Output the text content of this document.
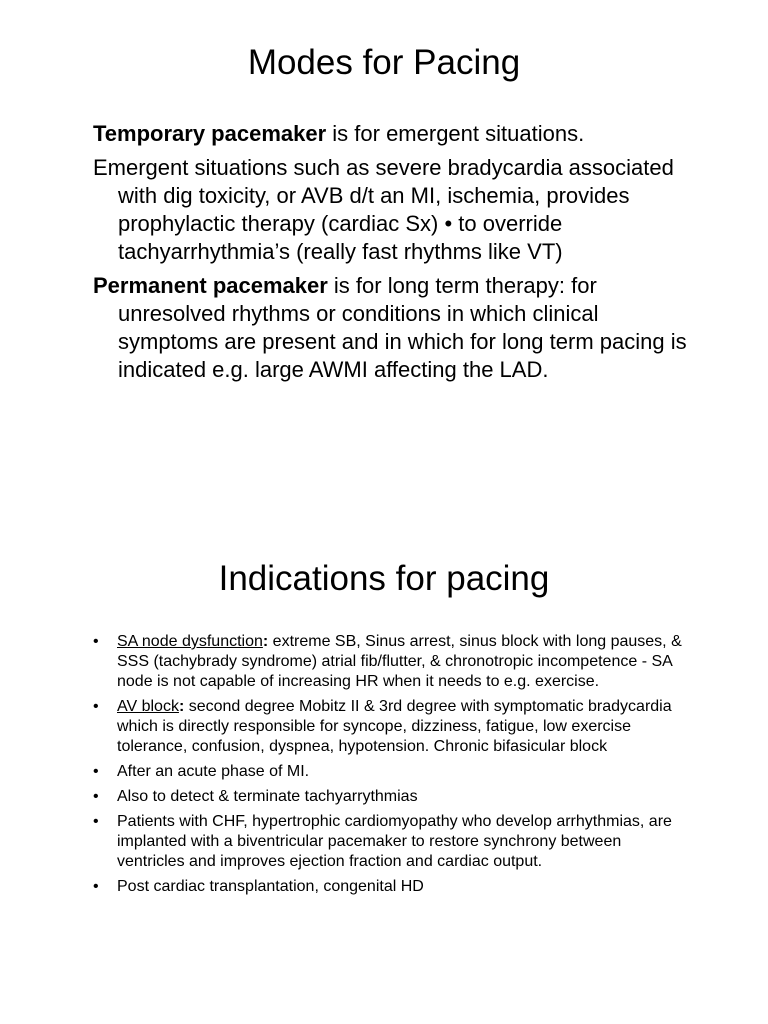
Modes for Pacing

Temporary pacemaker is for emergent situations.

Emergent situations such as severe bradycardia associated with dig toxicity, or AVB d/t an MI, ischemia, provides prophylactic therapy (cardiac Sx) • to override tachyarrhythmia’s (really fast rhythms like VT)

Permanent pacemaker is for long term therapy: for unresolved rhythms or conditions in which clinical symptoms are present and in which for long term pacing is indicated e.g. large AWMI affecting the LAD.

Indications for pacing
• SA node dysfunction: extreme SB, Sinus arrest, sinus block with long pauses, & SSS (tachybrady syndrome) atrial fib/flutter, & chronotropic incompetence - SA node is not capable of increasing HR when it needs to e.g. exercise.
• AV block: second degree Mobitz II & 3rd degree with symptomatic bradycardia which is directly responsible for syncope, dizziness, fatigue, low exercise tolerance, confusion, dyspnea, hypotension. Chronic bifasicular block
• After an acute phase of MI.
• Also to detect & terminate tachyarrythmias
• Patients with CHF, hypertrophic cardiomyopathy who develop arrhythmias, are implanted with a biventricular pacemaker to restore synchrony between ventricles and improves ejection fraction and cardiac output.
• Post cardiac transplantation, congenital HD
